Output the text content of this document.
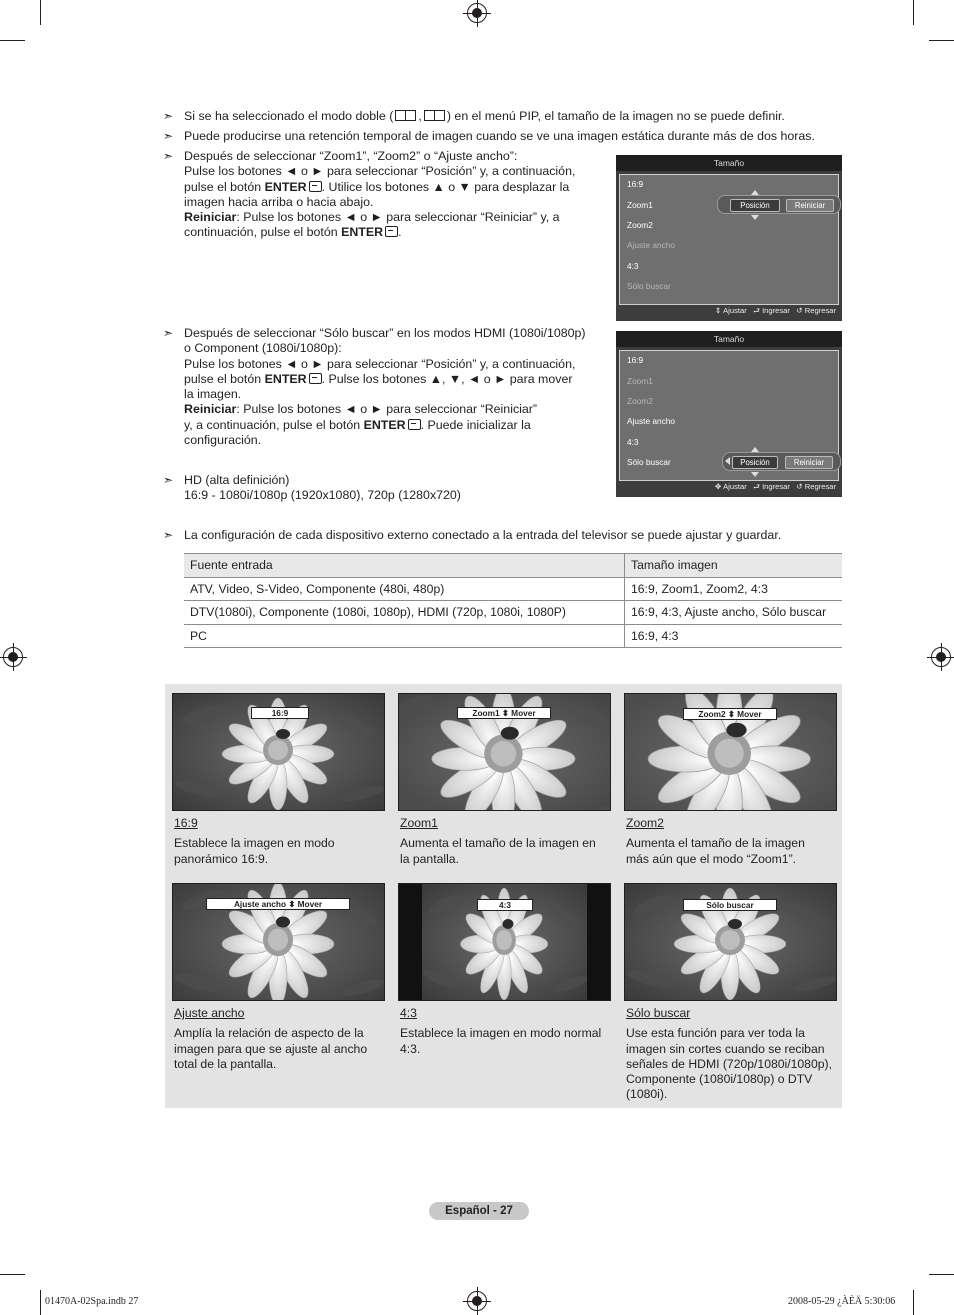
➣ Si se ha seleccionado el modo doble ( , ) en el menú PIP, el tamaño de la imagen no se puede definir.
➣ Puede producirse una retención temporal de imagen cuando se ve una imagen estática durante más de dos horas.
➣ Después de seleccionar “Zoom1”, “Zoom2” o “Ajuste ancho”:
Pulse los botones ◄ o ► para seleccionar “Posición” y, a continuación,
pulse el botón ENTER . Utilice los botones ▲ o ▼ para desplazar la
imagen hacia arriba o hacia abajo.
Reiniciar: Pulse los botones ◄ o ► para seleccionar “Reiniciar” y, a
continuación, pulse el botón ENTER .
Tamaño
16:9
Zoom1
Zoom2
Ajuste ancho
4:3
Sólo buscar
Posición	Reiniciar
⇕ Ajustar ⮐ Ingresar ↺ Regresar
➣ Después de seleccionar “Sólo buscar” en los modos HDMI (1080i/1080p)
o Component (1080i/1080p):
Pulse los botones ◄ o ► para seleccionar “Posición” y, a continuación,
pulse el botón ENTER . Pulse los botones ▲, ▼, ◄ o ► para mover
la imagen.
Reiniciar: Pulse los botones ◄ o ► para seleccionar “Reiniciar”
y, a continuación, pulse el botón ENTER . Puede inicializar la
configuración.
Tamaño
16:9
Zoom1
Zoom2
Ajuste ancho
4:3
Sólo buscar	Posición	Reiniciar
✥ Ajustar ⮐ Ingresar ↺ Regresar
➣ HD (alta definición)
16:9 - 1080i/1080p (1920x1080), 720p (1280x720)
➣ La configuración de cada dispositivo externo conectado a la entrada del televisor se puede ajustar y guardar.
Fuente entrada	Tamaño imagen
ATV, Video, S-Video, Componente (480i, 480p)	16:9, Zoom1, Zoom2, 4:3
DTV(1080i), Componente (1080i, 1080p), HDMI (720p, 1080i, 1080P)	16:9, 4:3, Ajuste ancho, Sólo buscar
PC	16:9, 4:3
16:9
16:9
Establece la imagen en modo
panorámico 16:9.
Zoom1 ⬍ Mover
Zoom1
Aumenta el tamaño de la imagen en
la pantalla.
Zoom2 ⬍ Mover
Zoom2
Aumenta el tamaño de la imagen
más aún que el modo “Zoom1”.
Ajuste ancho ⬍ Mover
Ajuste ancho
Amplía la relación de aspecto de la
imagen para que se ajuste al ancho
total de la pantalla.
4:3
4:3
Establece la imagen en modo normal
4:3.
Sólo buscar
Sólo buscar
Use esta función para ver toda la
imagen sin cortes cuando se reciban
señales de HDMI (720p/1080i/1080p),
Componente (1080i/1080p) o DTV
(1080i).
Español - 27
01470A-02Spa.indb 27	2008-05-29 ¿ÀÈÄ 5:30:06
